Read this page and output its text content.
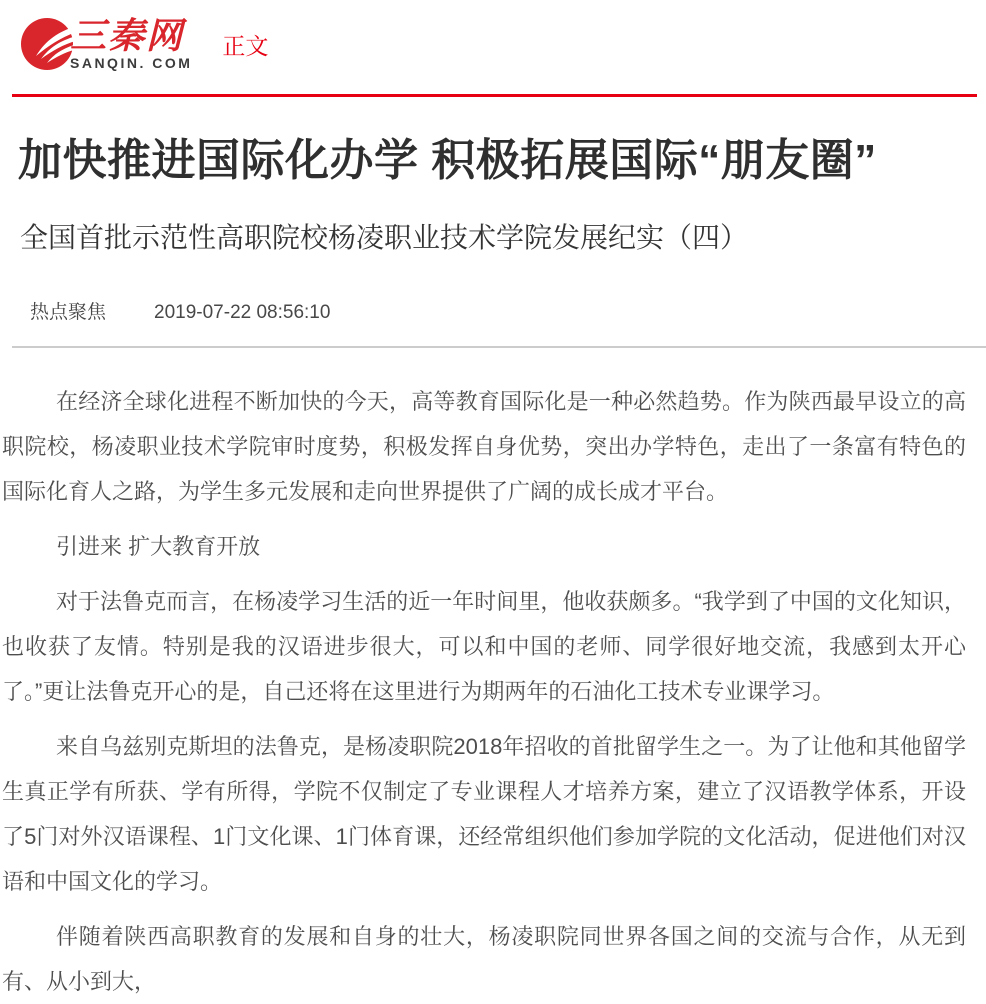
三秦网
SANQIN. COM
正文
加快推进国际化办学 积极拓展国际“朋友圈”
全国首批示范性高职院校杨凌职业技术学院发展纪实（四）
热点聚焦	2019-07-22 08:56:10

在经济全球化进程不断加快的今天，高等教育国际化是一种必然趋势。作为陕西最早设立的高职院校，杨凌职业技术学院审时度势，积极发挥自身优势，突出办学特色，走出了一条富有特色的国际化育人之路，为学生多元发展和走向世界提供了广阔的成长成才平台。

引进来 扩大教育开放

对于法鲁克而言，在杨凌学习生活的近一年时间里，他收获颇多。“我学到了中国的文化知识，也收获了友情。特别是我的汉语进步很大，可以和中国的老师、同学很好地交流，我感到太开心了。”更让法鲁克开心的是，自己还将在这里进行为期两年的石油化工技术专业课学习。

来自乌兹别克斯坦的法鲁克，是杨凌职院2018年招收的首批留学生之一。为了让他和其他留学生真正学有所获、学有所得，学院不仅制定了专业课程人才培养方案，建立了汉语教学体系，开设了5门对外汉语课程、1门文化课、1门体育课，还经常组织他们参加学院的文化活动，促进他们对汉语和中国文化的学习。

伴随着陕西高职教育的发展和自身的壮大，杨凌职院同世界各国之间的交流与合作，从无到有、从小到大，
